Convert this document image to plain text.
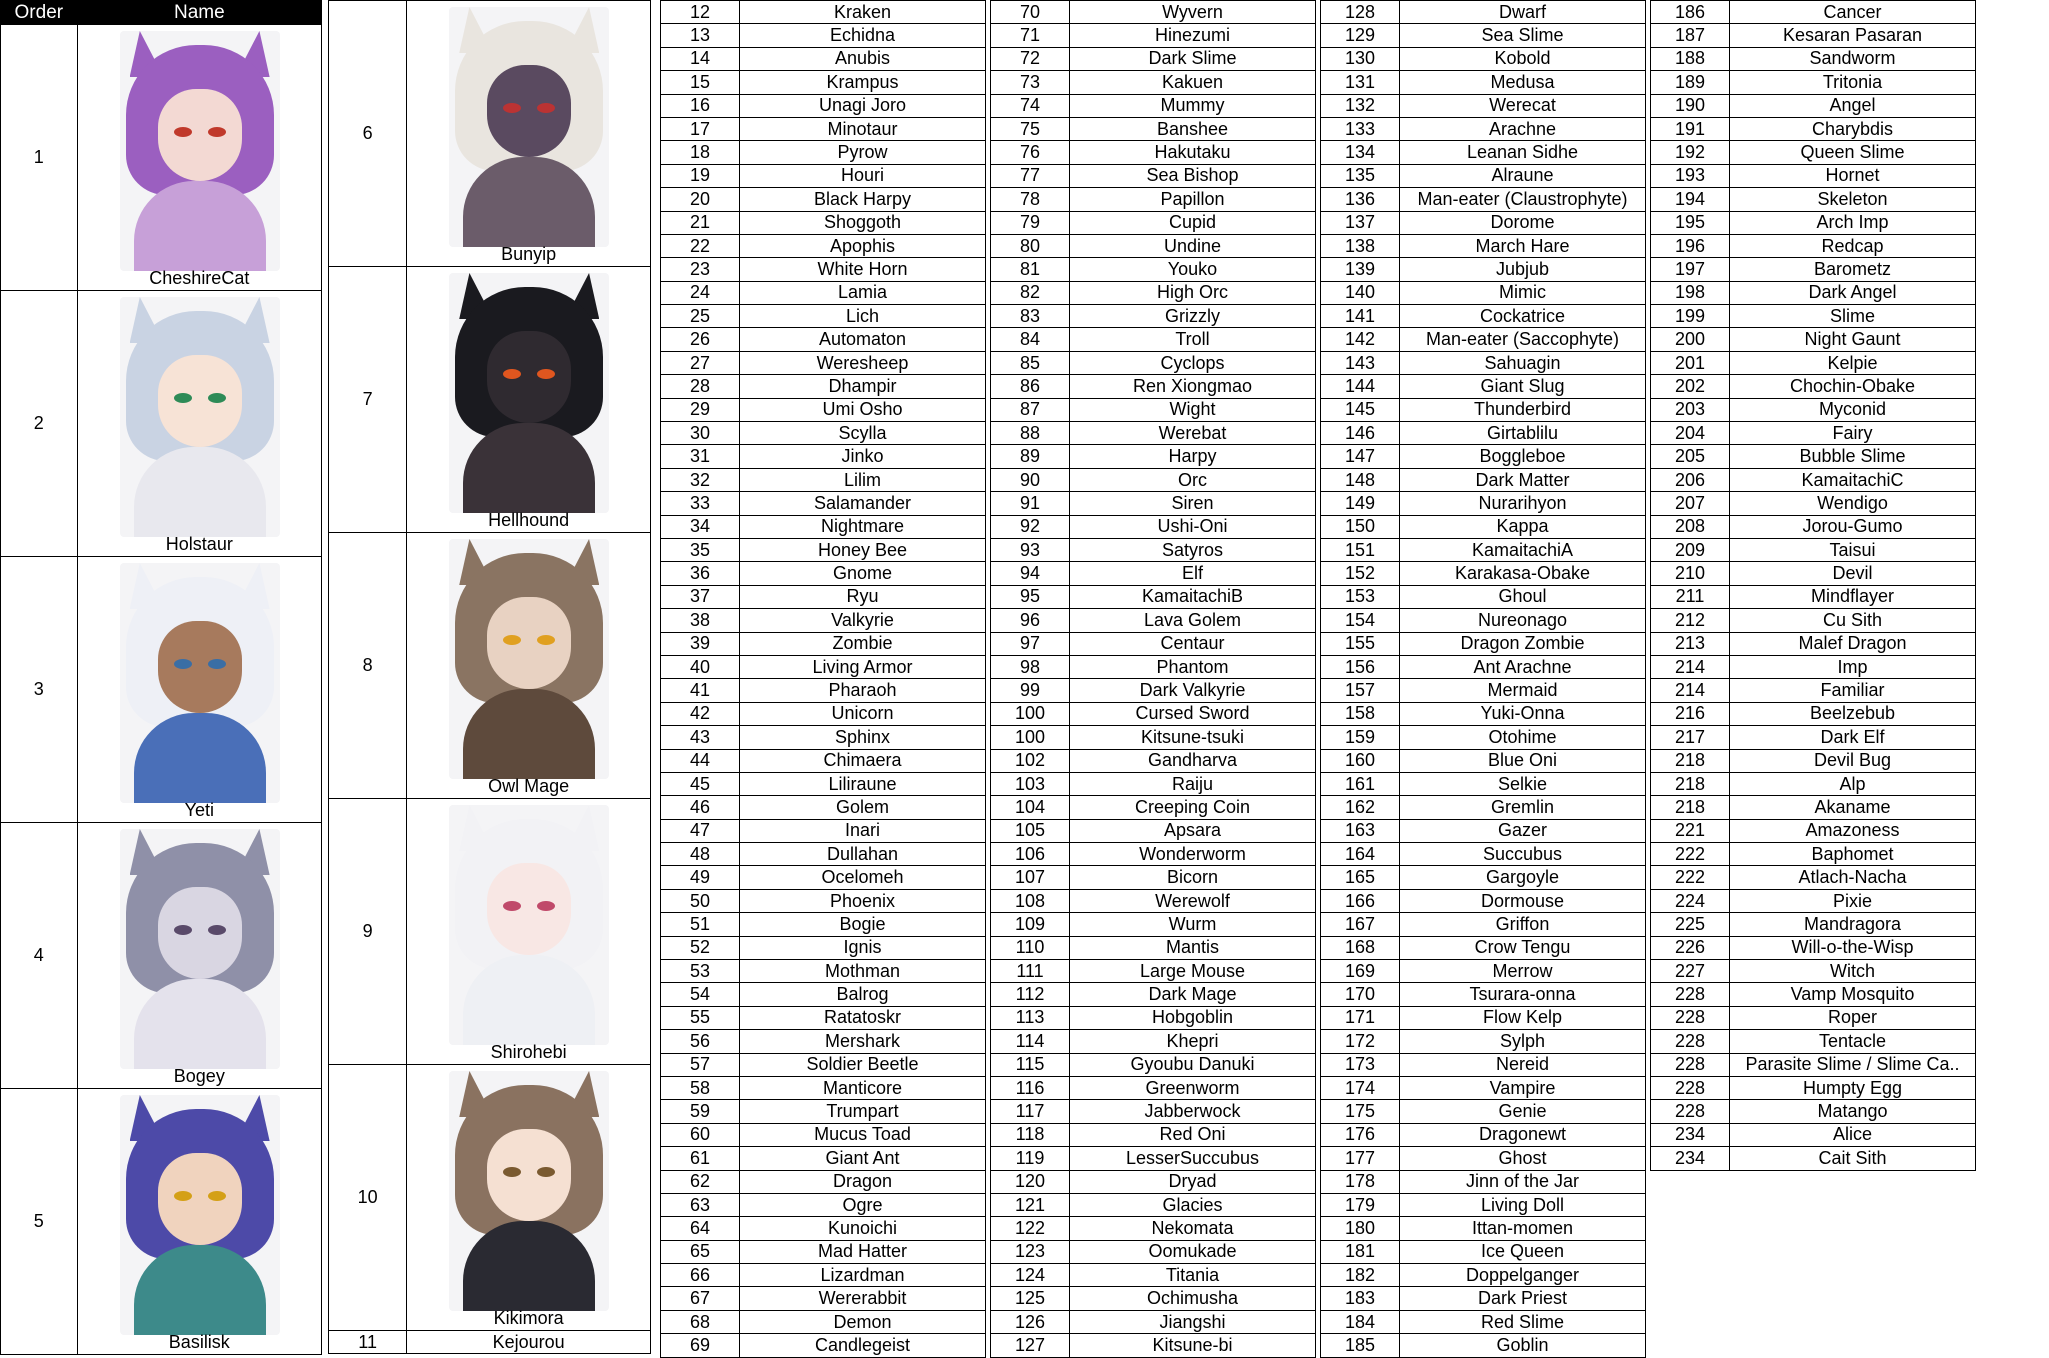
Order	Name
1	CheshireCat

2	Holstaur

3	Yeti

4	Bogey

5	Basilisk
6	Bunyip

7	Hellhound

8	Owl Mage

9	Shirohebi

10	Kikimora

11	Kejourou
12	Kraken
13	Echidna
14	Anubis
15	Krampus
16	Unagi Joro
17	Minotaur
18	Pyrow
19	Houri
20	Black Harpy
21	Shoggoth
22	Apophis
23	White Horn
24	Lamia
25	Lich
26	Automaton
27	Weresheep
28	Dhampir
29	Umi Osho
30	Scylla
31	Jinko
32	Lilim
33	Salamander
34	Nightmare
35	Honey Bee
36	Gnome
37	Ryu
38	Valkyrie
39	Zombie
40	Living Armor
41	Pharaoh
42	Unicorn
43	Sphinx
44	Chimaera
45	Liliraune
46	Golem
47	Inari
48	Dullahan
49	Ocelomeh
50	Phoenix
51	Bogie
52	Ignis
53	Mothman
54	Balrog
55	Ratatoskr
56	Mershark
57	Soldier Beetle
58	Manticore
59	Trumpart
60	Mucus Toad
61	Giant Ant
62	Dragon
63	Ogre
64	Kunoichi
65	Mad Hatter
66	Lizardman
67	Wererabbit
68	Demon
69	Candlegeist
70	Wyvern
71	Hinezumi
72	Dark Slime
73	Kakuen
74	Mummy
75	Banshee
76	Hakutaku
77	Sea Bishop
78	Papillon
79	Cupid
80	Undine
81	Youko
82	High Orc
83	Grizzly
84	Troll
85	Cyclops
86	Ren Xiongmao
87	Wight
88	Werebat
89	Harpy
90	Orc
91	Siren
92	Ushi-Oni
93	Satyros
94	Elf
95	KamaitachiB
96	Lava Golem
97	Centaur
98	Phantom
99	Dark Valkyrie
100	Cursed Sword
100	Kitsune-tsuki
102	Gandharva
103	Raiju
104	Creeping Coin
105	Apsara
106	Wonderworm
107	Bicorn
108	Werewolf
109	Wurm
110	Mantis
111	Large Mouse
112	Dark Mage
113	Hobgoblin
114	Khepri
115	Gyoubu Danuki
116	Greenworm
117	Jabberwock
118	Red Oni
119	LesserSuccubus
120	Dryad
121	Glacies
122	Nekomata
123	Oomukade
124	Titania
125	Ochimusha
126	Jiangshi
127	Kitsune-bi
128	Dwarf
129	Sea Slime
130	Kobold
131	Medusa
132	Werecat
133	Arachne
134	Leanan Sidhe
135	Alraune
136	Man-eater (Claustrophyte)
137	Dorome
138	March Hare
139	Jubjub
140	Mimic
141	Cockatrice
142	Man-eater (Saccophyte)
143	Sahuagin
144	Giant Slug
145	Thunderbird
146	Girtablilu
147	Boggleboe
148	Dark Matter
149	Nurarihyon
150	Kappa
151	KamaitachiA
152	Karakasa-Obake
153	Ghoul
154	Nureonago
155	Dragon Zombie
156	Ant Arachne
157	Mermaid
158	Yuki-Onna
159	Otohime
160	Blue Oni
161	Selkie
162	Gremlin
163	Gazer
164	Succubus
165	Gargoyle
166	Dormouse
167	Griffon
168	Crow Tengu
169	Merrow
170	Tsurara-onna
171	Flow Kelp
172	Sylph
173	Nereid
174	Vampire
175	Genie
176	Dragonewt
177	Ghost
178	Jinn of the Jar
179	Living Doll
180	Ittan-momen
181	Ice Queen
182	Doppelganger
183	Dark Priest
184	Red Slime
185	Goblin
186	Cancer
187	Kesaran Pasaran
188	Sandworm
189	Tritonia
190	Angel
191	Charybdis
192	Queen Slime
193	Hornet
194	Skeleton
195	Arch Imp
196	Redcap
197	Barometz
198	Dark Angel
199	Slime
200	Night Gaunt
201	Kelpie
202	Chochin-Obake
203	Myconid
204	Fairy
205	Bubble Slime
206	KamaitachiC
207	Wendigo
208	Jorou-Gumo
209	Taisui
210	Devil
211	Mindflayer
212	Cu Sith
213	Malef Dragon
214	Imp
214	Familiar
216	Beelzebub
217	Dark Elf
218	Devil Bug
218	Alp
218	Akaname
221	Amazoness
222	Baphomet
222	Atlach-Nacha
224	Pixie
225	Mandragora
226	Will-o-the-Wisp
227	Witch
228	Vamp Mosquito
228	Roper
228	Tentacle
228	Parasite Slime / Slime Ca..
228	Humpty Egg
228	Matango
234	Alice
234	Cait Sith
